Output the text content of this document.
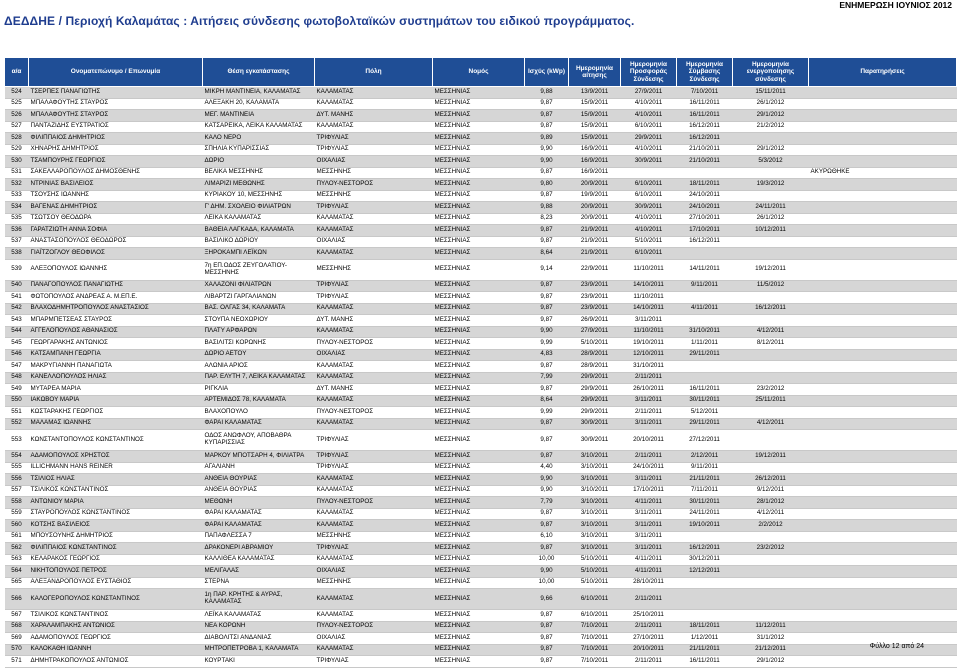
ΕΝΗΜΕΡΩΣΗ ΙΟΥΝΙΟΣ 2012
ΔΕΔΔΗΕ / Περιοχή Καλαμάτας : Αιτήσεις σύνδεσης φωτοβολταϊκών συστημάτων του ειδικού προγράμματος.
α/α	Ονοματεπώνυμο / Επωνυμία	Θέση εγκατάστασης	Πόλη	Νομός	Ισχύς (kWp)	Ημερομηνία αίτησης	Ημερομηνία Προσφοράς Σύνδεσης	Ημερομηνία Σύμβασης Σύνδεσης	Ημερομηνία ενεργοποίησης σύνδεσης	Παρατηρήσεις
524	ΤΣΕΡΠΕΣ ΠΑΝΑΓΙΩΤΗΣ	ΜΙΚΡΗ ΜΑΝΤΙΝΕΙΑ, ΚΑΛΑΜΑΤΑΣ	ΚΑΛΑΜΑΤΑΣ	ΜΕΣΣΗΝΙΑΣ	9,88	13/9/2011	27/9/2011	7/10/2011	15/11/2011	
525	ΜΠΑΛΑΦΟΥΤΗΣ ΣΤΑΥΡΟΣ	ΑΛΕΞΑΚΗ 20, ΚΑΛΑΜΑΤΑ	ΚΑΛΑΜΑΤΑΣ	ΜΕΣΣΗΝΙΑΣ	9,87	15/9/2011	4/10/2011	16/11/2011	26/1/2012	
526	ΜΠΑΛΑΦΟΥΤΗΣ ΣΤΑΥΡΟΣ	ΜΕΓ. ΜΑΝΤΙΝΕΙΑ	ΔΥΤ. ΜΑΝΗΣ	ΜΕΣΣΗΝΙΑΣ	9,87	15/9/2011	4/10/2011	16/11/2011	29/1/2012	
527	ΠΑΝΤΑΖΙΔΗΣ ΕΥΣΤΡΑΤΙΟΣ	ΚΑΤΣΑΡΕΪΚΑ, ΛΕΪΚΑ ΚΑΛΑΜΑΤΑΣ	ΚΑΛΑΜΑΤΑΣ	ΜΕΣΣΗΝΙΑΣ	9,87	15/9/2011	6/10/2011	16/12/2011	21/2/2012	
528	ΦΙΛΙΠΠΑΙΟΣ ΔΗΜΗΤΡΙΟΣ	ΚΑΛΟ ΝΕΡΟ	ΤΡΙΦΥΛΙΑΣ	ΜΕΣΣΗΝΙΑΣ	9,89	15/9/2011	29/9/2011	16/12/2011		
529	ΧΗΝΑΡΗΣ ΔΗΜΗΤΡΙΟΣ	ΣΠΗΛΙΑ ΚΥΠΑΡΙΣΣΙΑΣ	ΤΡΙΦΥΛΙΑΣ	ΜΕΣΣΗΝΙΑΣ	9,90	16/9/2011	4/10/2011	21/10/2011	29/1/2012	
530	ΤΣΑΜΠΟΥΡΗΣ ΓΕΩΡΓΙΟΣ	ΔΩΡΙΟ	ΟΙΧΑΛΙΑΣ	ΜΕΣΣΗΝΙΑΣ	9,90	16/9/2011	30/9/2011	21/10/2011	5/3/2012	
531	ΣΑΚΕΛΛΑΡΟΠΟΥΛΟΣ ΔΗΜΟΣΘΕΝΗΣ	ΒΕΛΙΚΑ ΜΕΣΣΗΝΗΣ	ΜΕΣΣΗΝΗΣ	ΜΕΣΣΗΝΙΑΣ	9,87	16/9/2011				ΑΚΥΡΩΘΗΚΕ
532	ΝΤΡΙΝΙΑΣ ΒΑΣΙΛΕΙΟΣ	ΛΙΜΑΡΙΖΙ ΜΕΘΩΝΗΣ	ΠΥΛΟΥ-ΝΕΣΤΟΡΟΣ	ΜΕΣΣΗΝΙΑΣ	9,80	20/9/2011	6/10/2011	18/11/2011	19/3/2012	
533	ΤΣΟΥΣΗΣ ΙΩΑΝΝΗΣ	ΚΥΡΙΑΚΟΥ 10, ΜΕΣΣΗΝΗΣ	ΜΕΣΣΗΝΗΣ	ΜΕΣΣΗΝΙΑΣ	9,87	19/9/2011	6/10/2011	24/10/2011		
534	ΒΑΓΕΝΑΣ ΔΗΜΗΤΡΙΟΣ	Γ' ΔΗΜ. ΣΧΟΛΕΙΟ ΦΙΛΙΑΤΡΩΝ	ΤΡΙΦΥΛΙΑΣ	ΜΕΣΣΗΝΙΑΣ	9,88	20/9/2011	30/9/2011	24/10/2011	24/11/2011	
535	ΤΣΩΤΣΟΥ ΘΕΟΔΩΡΑ	ΛΕΪΚΑ ΚΑΛΑΜΑΤΑΣ	ΚΑΛΑΜΑΤΑΣ	ΜΕΣΣΗΝΙΑΣ	8,23	20/9/2011	4/10/2011	27/10/2011	26/1/2012	
536	ΓΑΡΑΤΖΙΩΤΗ ΑΝΝΑ ΣΟΦΙΑ	ΒΑΘΕΙΑ ΛΑΓΚΑΔΑ, ΚΑΛΑΜΑΤΑ	ΚΑΛΑΜΑΤΑΣ	ΜΕΣΣΗΝΙΑΣ	9,87	21/9/2011	4/10/2011	17/10/2011	10/12/2011	
537	ΑΝΑΣΤΑΣΟΠΟΥΛΟΣ ΘΕΟΔΩΡΟΣ	ΒΑΣΙΛΙΚΟ ΔΩΡΙΟΥ	ΟΙΧΑΛΙΑΣ	ΜΕΣΣΗΝΙΑΣ	9,87	21/9/2011	5/10/2011	16/12/2011		
538	ΓΙΑΪΤΖΟΓΛΟΥ ΘΕΟΦΙΛΟΣ	ΞΗΡΟΚΑΜΠΙ ΛΕΪΚΩΝ	ΚΑΛΑΜΑΤΑΣ	ΜΕΣΣΗΝΙΑΣ	8,64	21/9/2011	6/10/2011			
539	ΑΛΕΞΟΠΟΥΛΟΣ ΙΩΑΝΝΗΣ	7η ΕΠ.ΟΔΟΣ ΖΕΥΓΟΛΑΤΙΟΥ-ΜΕΣΣΗΝΗΣ	ΜΕΣΣΗΝΗΣ	ΜΕΣΣΗΝΙΑΣ	9,14	22/9/2011	11/10/2011	14/11/2011	19/12/2011	
540	ΠΑΝΑΓΟΠΟΥΛΟΣ ΠΑΝΑΓΙΩΤΗΣ	ΧΑΛΑΖΟΝΙ ΦΙΛΙΑΤΡΩΝ	ΤΡΙΦΥΛΙΑΣ	ΜΕΣΣΗΝΙΑΣ	9,87	23/9/2011	14/10/2011	9/11/2011	11/5/2012	
541	ΦΩΤΟΠΟΥΛΟΣ ΑΝΔΡΕΑΣ Α. Μ.ΕΠ.Ε.	ΛΙΒΑΡΤΖΙ ΓΑΡΓΑΛΙΑΝΩΝ	ΤΡΙΦΥΛΙΑΣ	ΜΕΣΣΗΝΙΑΣ	9,87	23/9/2011	11/10/2011			
542	ΒΛΑΧΟΔΗΜΗΤΡΟΠΟΥΛΟΣ ΑΝΑΣΤΑΣΙΟΣ	ΒΑΣ. ΟΛΓΑΣ 34, ΚΑΛΑΜΑΤΑ	ΚΑΛΑΜΑΤΑΣ	ΜΕΣΣΗΝΙΑΣ	9,87	23/9/2011	14/10/2011	4/11/2011	16/12/2011	
543	ΜΠΑΡΜΠΕΤΣΕΑΣ ΣΤΑΥΡΟΣ	ΣΤΟΥΠΑ ΝΕΟΧΩΡΙΟΥ	ΔΥΤ. ΜΑΝΗΣ	ΜΕΣΣΗΝΙΑΣ	9,87	26/9/2011	3/11/2011			
544	ΑΓΓΕΛΟΠΟΥΛΟΣ ΑΘΑΝΑΣΙΟΣ	ΠΛΑΤΥ ΑΡΦΑΡΩΝ	ΚΑΛΑΜΑΤΑΣ	ΜΕΣΣΗΝΙΑΣ	9,90	27/9/2011	11/10/2011	31/10/2011	4/12/2011	
545	ΓΕΩΡΓΑΡΑΚΗΣ ΑΝΤΩΝΙΟΣ	ΒΑΣΙΛΙΤΣΙ ΚΟΡΩΝΗΣ	ΠΥΛΟΥ-ΝΕΣΤΟΡΟΣ	ΜΕΣΣΗΝΙΑΣ	9,99	5/10/2011	19/10/2011	1/11/2011	8/12/2011	
546	ΚΑΤΣΑΜΠΑΝΗ ΓΕΩΡΓΙΑ	ΔΩΡΙΟ ΑΕΤΟΥ	ΟΙΧΑΛΙΑΣ	ΜΕΣΣΗΝΙΑΣ	4,83	28/9/2011	12/10/2011	29/11/2011		
547	ΜΑΚΡΥΓΙΑΝΝΗ ΠΑΝΑΓΙΩΤΑ	ΑΛΩΝΙΑ ΑΡΙΟΣ	ΚΑΛΑΜΑΤΑΣ	ΜΕΣΣΗΝΙΑΣ	9,87	28/9/2011	31/10/2011			
548	ΚΑΝΕΛΛΟΠΟΥΛΟΣ ΗΛΙΑΣ	ΠΑΡ. ΕΛΥΤΗ 7, ΛΕΪΚΑ ΚΑΛΑΜΑΤΑΣ	ΚΑΛΑΜΑΤΑΣ	ΜΕΣΣΗΝΙΑΣ	7,99	29/9/2011	2/11/2011			
549	ΜΥΤΑΡΕΑ ΜΑΡΙΑ	ΡΙΓΚΛΙΑ	ΔΥΤ. ΜΑΝΗΣ	ΜΕΣΣΗΝΙΑΣ	9,87	29/9/2011	26/10/2011	16/11/2011	23/2/2012	
550	ΙΑΚΩΒΟΥ ΜΑΡΙΑ	ΑΡΤΕΜΙΔΟΣ 78, ΚΑΛΑΜΑΤΑ	ΚΑΛΑΜΑΤΑΣ	ΜΕΣΣΗΝΙΑΣ	8,64	29/9/2011	3/11/2011	30/11/2011	25/11/2011	
551	ΚΩΣΤΑΡΑΚΗΣ ΓΕΩΡΓΙΟΣ	ΒΛΑΧΟΠΟΥΛΟ	ΠΥΛΟΥ-ΝΕΣΤΟΡΟΣ	ΜΕΣΣΗΝΙΑΣ	9,99	29/9/2011	2/11/2011	5/12/2011		
552	ΜΑΛΑΜΑΣ ΙΩΑΝΝΗΣ	ΦΑΡΑΙ ΚΑΛΑΜΑΤΑΣ	ΚΑΛΑΜΑΤΑΣ	ΜΕΣΣΗΝΙΑΣ	9,87	30/9/2011	3/11/2011	29/11/2011	4/12/2011	
553	ΚΩΝΣΤΑΝΤΟΠΟΥΛΟΣ ΚΩΝΣΤΑΝΤΙΝΟΣ	ΟΔΟΣ ΑΝΩΦΛΟΥ, ΑΠΟΒΑΘΡΑ ΚΥΠΑΡΙΣΣΙΑΣ	ΤΡΙΦΥΛΙΑΣ	ΜΕΣΣΗΝΙΑΣ	9,87	30/9/2011	20/10/2011	27/12/2011		
554	ΑΔΑΜΟΠΟΥΛΟΣ ΧΡΗΣΤΟΣ	ΜΑΡΚΟΥ ΜΠΟΤΣΑΡΗ 4, ΦΙΛΙΑΤΡΑ	ΤΡΙΦΥΛΙΑΣ	ΜΕΣΣΗΝΙΑΣ	9,87	3/10/2011	2/11/2011	2/12/2011	19/12/2011	
555	ILLICHMANN HANS REINER	ΑΓΑΛΙΑΝΗ	ΤΡΙΦΥΛΙΑΣ	ΜΕΣΣΗΝΙΑΣ	4,40	3/10/2011	24/10/2011	9/11/2011		
556	ΤΣΙΛΙΟΣ ΗΛΙΑΣ	ΑΝΘΕΙΑ ΘΟΥΡΙΑΣ	ΚΑΛΑΜΑΤΑΣ	ΜΕΣΣΗΝΙΑΣ	9,90	3/10/2011	3/11/2011	21/11/2011	26/12/2011	
557	ΤΣΙΛΙΚΟΣ ΚΩΝΣΤΑΝΤΙΝΟΣ	ΑΝΘΕΙΑ ΘΟΥΡΙΑΣ	ΚΑΛΑΜΑΤΑΣ	ΜΕΣΣΗΝΙΑΣ	9,90	3/10/2011	17/10/2011	7/11/2011	9/12/2011	
558	ΑΝΤΩΝΙΟΥ ΜΑΡΙΑ	ΜΕΘΩΝΗ	ΠΥΛΟΥ-ΝΕΣΤΟΡΟΣ	ΜΕΣΣΗΝΙΑΣ	7,79	3/10/2011	4/11/2011	30/11/2011	28/1/2012	
559	ΣΤΑΥΡΟΠΟΥΛΟΣ ΚΩΝΣΤΑΝΤΙΝΟΣ	ΦΑΡΑΙ ΚΑΛΑΜΑΤΑΣ	ΚΑΛΑΜΑΤΑΣ	ΜΕΣΣΗΝΙΑΣ	9,87	3/10/2011	3/11/2011	24/11/2011	4/12/2011	
560	ΚΟΤΣΗΣ ΒΑΣΙΛΕΙΟΣ	ΦΑΡΑΙ ΚΑΛΑΜΑΤΑΣ	ΚΑΛΑΜΑΤΑΣ	ΜΕΣΣΗΝΙΑΣ	9,87	3/10/2011	3/11/2011	19/10/2011	2/2/2012	
561	ΜΠΟΥΣΟΥΝΗΣ ΔΗΜΗΤΡΙΟΣ	ΠΑΠΑΦΛΕΣΣΑ 7	ΜΕΣΣΗΝΗΣ	ΜΕΣΣΗΝΙΑΣ	6,10	3/10/2011	3/11/2011			
562	ΦΙΛΙΠΠΑΙΟΣ ΚΩΝΣΤΑΝΤΙΝΟΣ	ΔΡΑΚΟΝΕΡΙ ΑΒΡΑΜΙΟΥ	ΤΡΙΦΥΛΙΑΣ	ΜΕΣΣΗΝΙΑΣ	9,87	3/10/2011	3/11/2011	16/12/2011	23/2/2012	
563	ΚΕΛΑΡΑΚΟΣ ΓΕΩΡΓΙΟΣ	ΚΑΛΛΙΘΕΑ ΚΑΛΑΜΑΤΑΣ	ΚΑΛΑΜΑΤΑΣ	ΜΕΣΣΗΝΙΑΣ	10,00	5/10/2011	4/11/2011	30/12/2011		
564	ΝΙΚΗΤΟΠΟΥΛΟΣ ΠΕΤΡΟΣ	ΜΕΛΙΓΑΛΑΣ	ΟΙΧΑΛΙΑΣ	ΜΕΣΣΗΝΙΑΣ	9,90	5/10/2011	4/11/2011	12/12/2011		
565	ΑΛΕΞΑΝΔΡΟΠΟΥΛΟΣ ΕΥΣΤΑΘΙΟΣ	ΣΤΕΡΝΑ	ΜΕΣΣΗΝΗΣ	ΜΕΣΣΗΝΙΑΣ	10,00	5/10/2011	28/10/2011			
566	ΚΑΛΟΓΕΡΟΠΟΥΛΟΣ ΚΩΝΣΤΑΝΤΙΝΟΣ	1η ΠΑΡ. ΚΡΗΤΗΣ & ΑΥΡΑΣ, ΚΑΛΑΜΑΤΑΣ	ΚΑΛΑΜΑΤΑΣ	ΜΕΣΣΗΝΙΑΣ	9,66	6/10/2011	2/11/2011			
567	ΤΣΙΛΙΚΟΣ ΚΩΝΣΤΑΝΤΙΝΟΣ	ΛΕΪΚΑ ΚΑΛΑΜΑΤΑΣ	ΚΑΛΑΜΑΤΑΣ	ΜΕΣΣΗΝΙΑΣ	9,87	6/10/2011	25/10/2011			
568	ΧΑΡΑΛΑΜΠΑΚΗΣ ΑΝΤΩΝΙΟΣ	ΝΕΑ ΚΟΡΩΝΗ	ΠΥΛΟΥ-ΝΕΣΤΟΡΟΣ	ΜΕΣΣΗΝΙΑΣ	9,87	7/10/2011	2/11/2011	18/11/2011	11/12/2011	
569	ΑΔΑΜΟΠΟΥΛΟΣ ΓΕΩΡΓΙΟΣ	ΔΙΑΒΟΛΙΤΣΙ ΑΝΔΑΝΙΑΣ	ΟΙΧΑΛΙΑΣ	ΜΕΣΣΗΝΙΑΣ	9,87	7/10/2011	27/10/2011	1/12/2011	31/1/2012	
570	ΚΑΛΟΚΑΘΗ ΙΩΑΝΝΗ	ΜΗΤΡΟΠΕΤΡΟΒΑ 1, ΚΑΛΑΜΑΤΑ	ΚΑΛΑΜΑΤΑΣ	ΜΕΣΣΗΝΙΑΣ	9,87	7/10/2011	20/10/2011	21/11/2011	21/12/2011	
571	ΔΗΜΗΤΡΑΚΟΠΟΥΛΟΣ ΑΝΤΩΝΙΟΣ	ΚΟΥΡΤΑΚΙ	ΤΡΙΦΥΛΙΑΣ	ΜΕΣΣΗΝΙΑΣ	9,87	7/10/2011	2/11/2011	16/11/2011	29/1/2012	
Φύλλο 12 από 24
